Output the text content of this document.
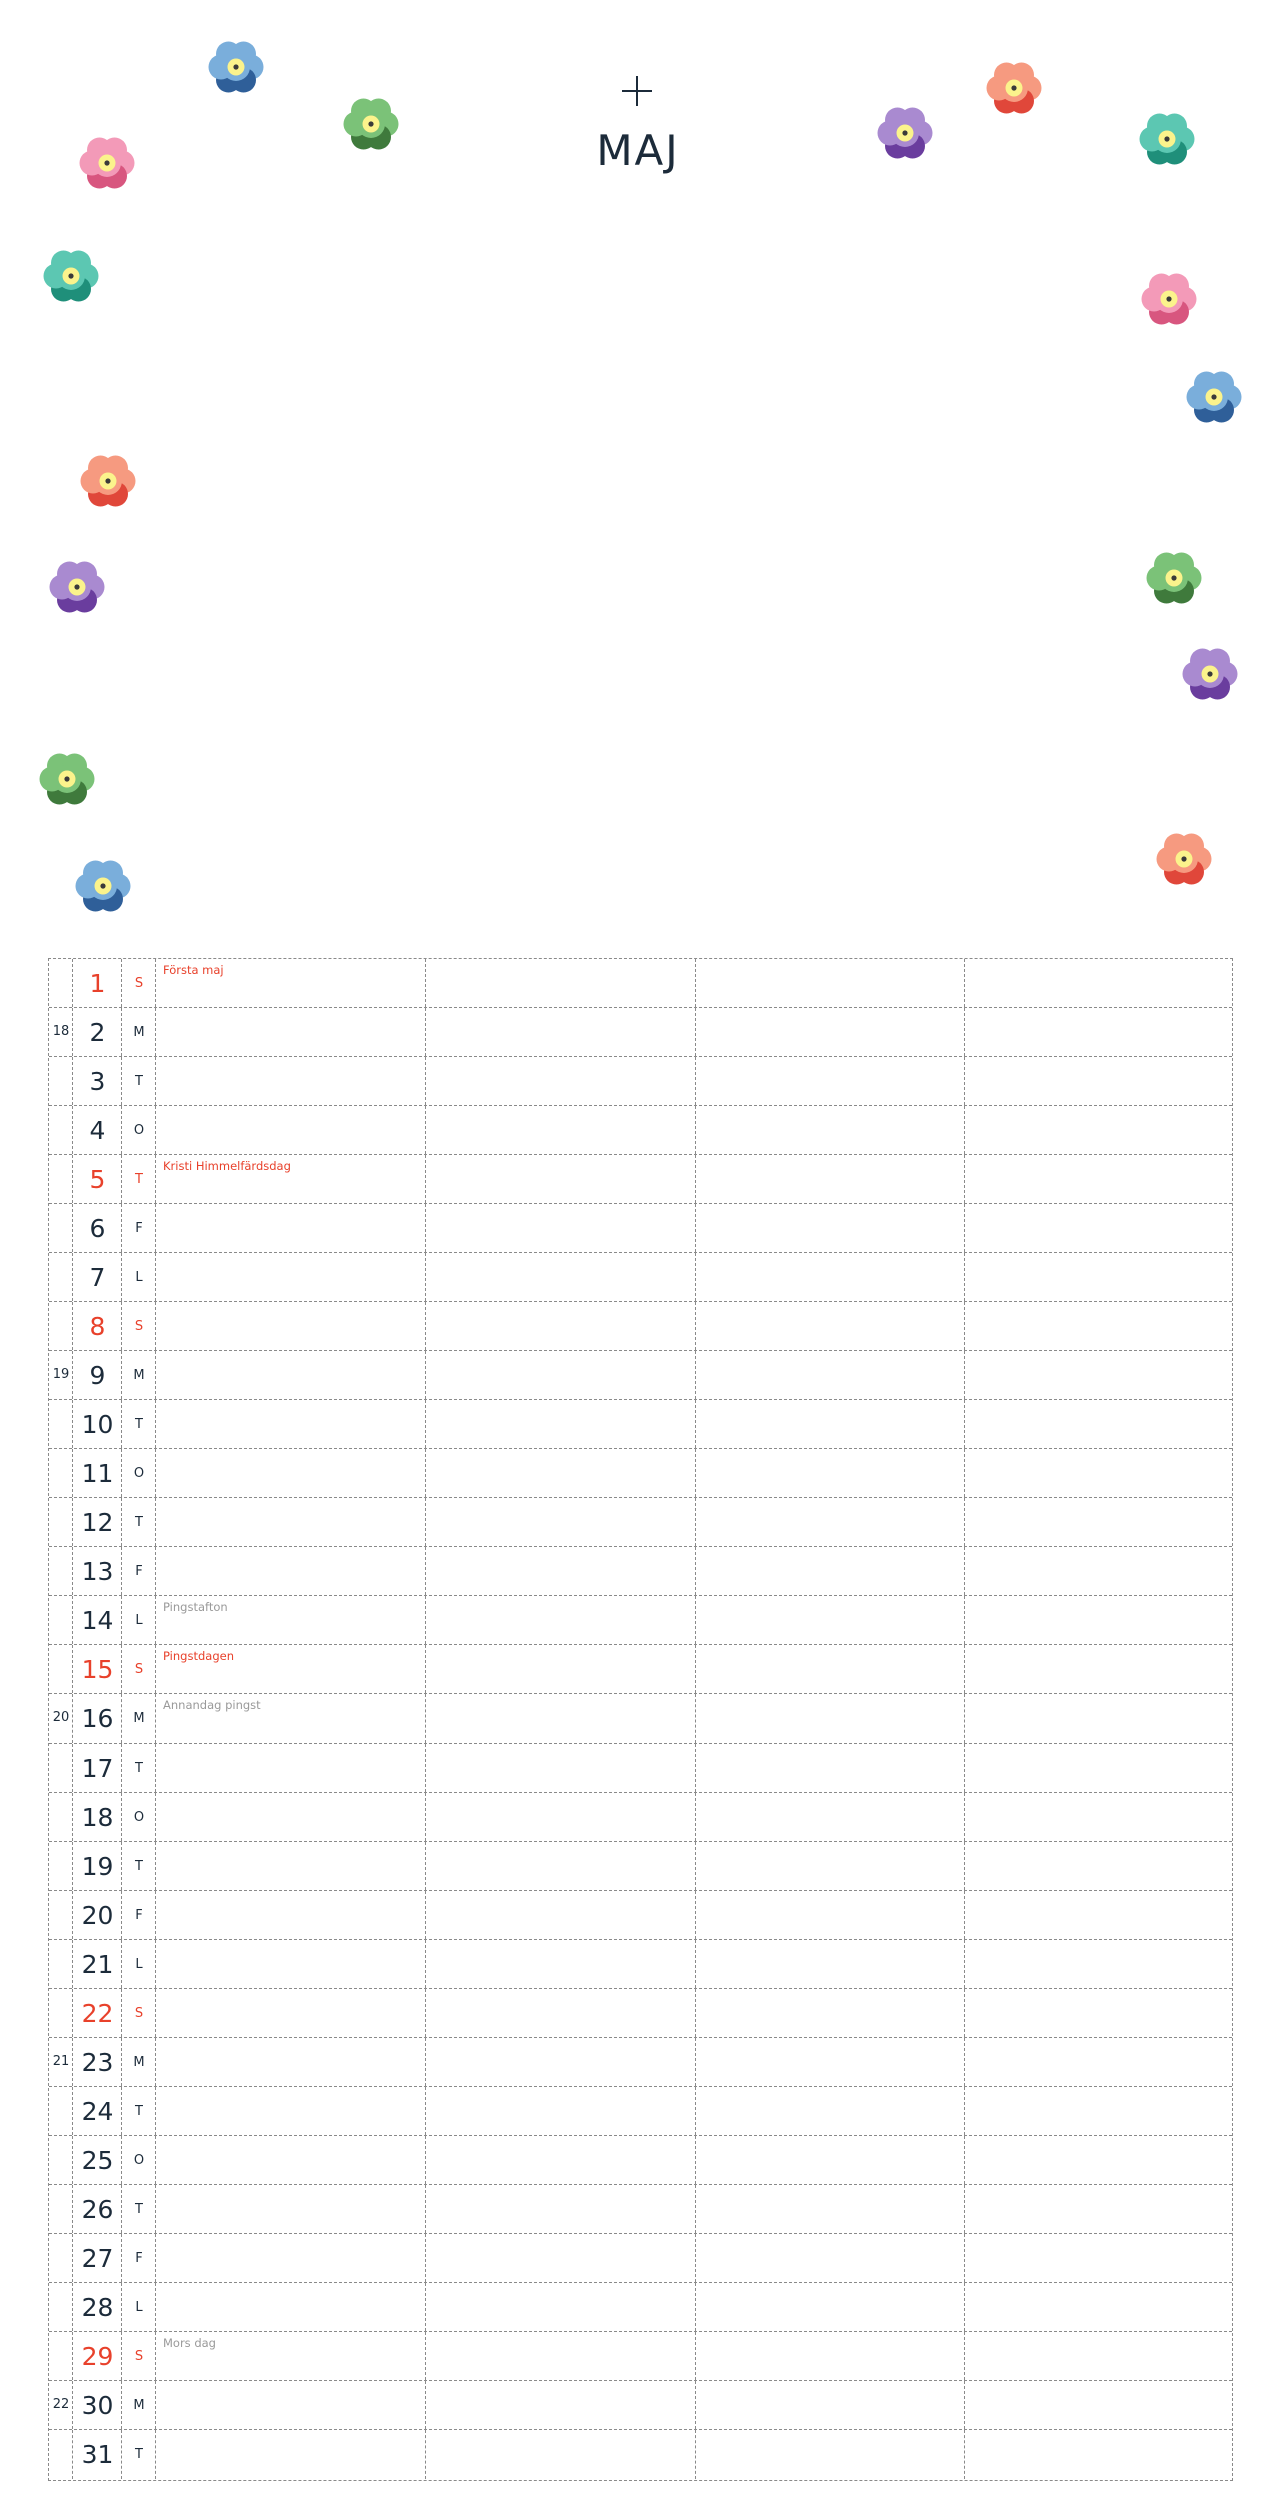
MAJ
1	S
Första maj
18 2	M
3	T
4	O
5	T
Kristi Himmelfärdsdag
6	F
7	L
8	S
19 9	M
10	T
11	O
12	T
13	F
14	L
Pingstafton
15	S
Pingstdagen
20 16	M
Annandag pingst
17	T
18	O
19	T
20	F
21	L
22	S
21 23	M
24	T
25	O
26	T
27	F
28	L
29	S
Mors dag
22 30	M
31	T
